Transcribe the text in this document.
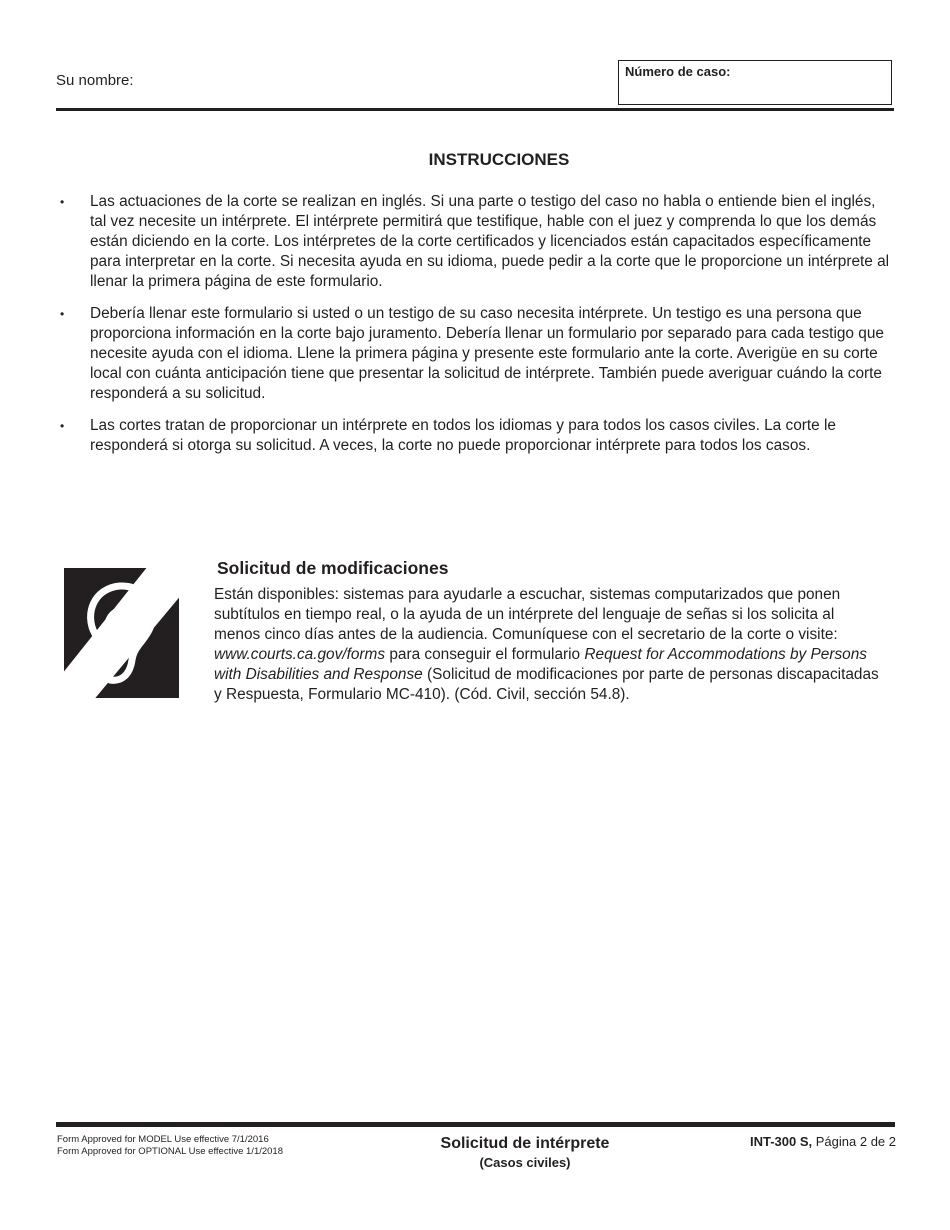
Su nombre:
Número de caso:
INSTRUCCIONES
• Las actuaciones de la corte se realizan en inglés. Si una parte o testigo del caso no habla o entiende bien el inglés, tal vez necesite un intérprete. El intérprete permitirá que testifique, hable con el juez y comprenda lo que los demás están diciendo en la corte. Los intérpretes de la corte certificados y licenciados están capacitados específicamente para interpretar en la corte. Si necesita ayuda en su idioma, puede pedir a la corte que le proporcione un intérprete al llenar la primera página de este formulario.
• Debería llenar este formulario si usted o un testigo de su caso necesita intérprete. Un testigo es una persona que proporciona información en la corte bajo juramento. Debería llenar un formulario por separado para cada testigo que necesite ayuda con el idioma. Llene la primera página y presente este formulario ante la corte. Averigüe en su corte local con cuánta anticipación tiene que presentar la solicitud de intérprete. También puede averiguar cuándo la corte responderá a su solicitud.
• Las cortes tratan de proporcionar un intérprete en todos los idiomas y para todos los casos civiles. La corte le responderá si otorga su solicitud. A veces, la corte no puede proporcionar intérprete para todos los casos.
Solicitud de modificaciones
Están disponibles: sistemas para ayudarle a escuchar, sistemas computarizados que ponen subtítulos en tiempo real, o la ayuda de un intérprete del lenguaje de señas si los solicita al menos cinco días antes de la audiencia. Comuníquese con el secretario de la corte o visite: www.courts.ca.gov/forms para conseguir el formulario Request for Accommodations by Persons with Disabilities and Response (Solicitud de modificaciones por parte de personas discapacitadas y Respuesta, Formulario MC-410). (Cód. Civil, sección 54.8).
Form Approved for MODEL Use effective 7/1/2016
Form Approved for OPTIONAL Use effective 1/1/2018	Solicitud de intérprete
(Casos civiles)
INT-300 S, Página 2 de 2
